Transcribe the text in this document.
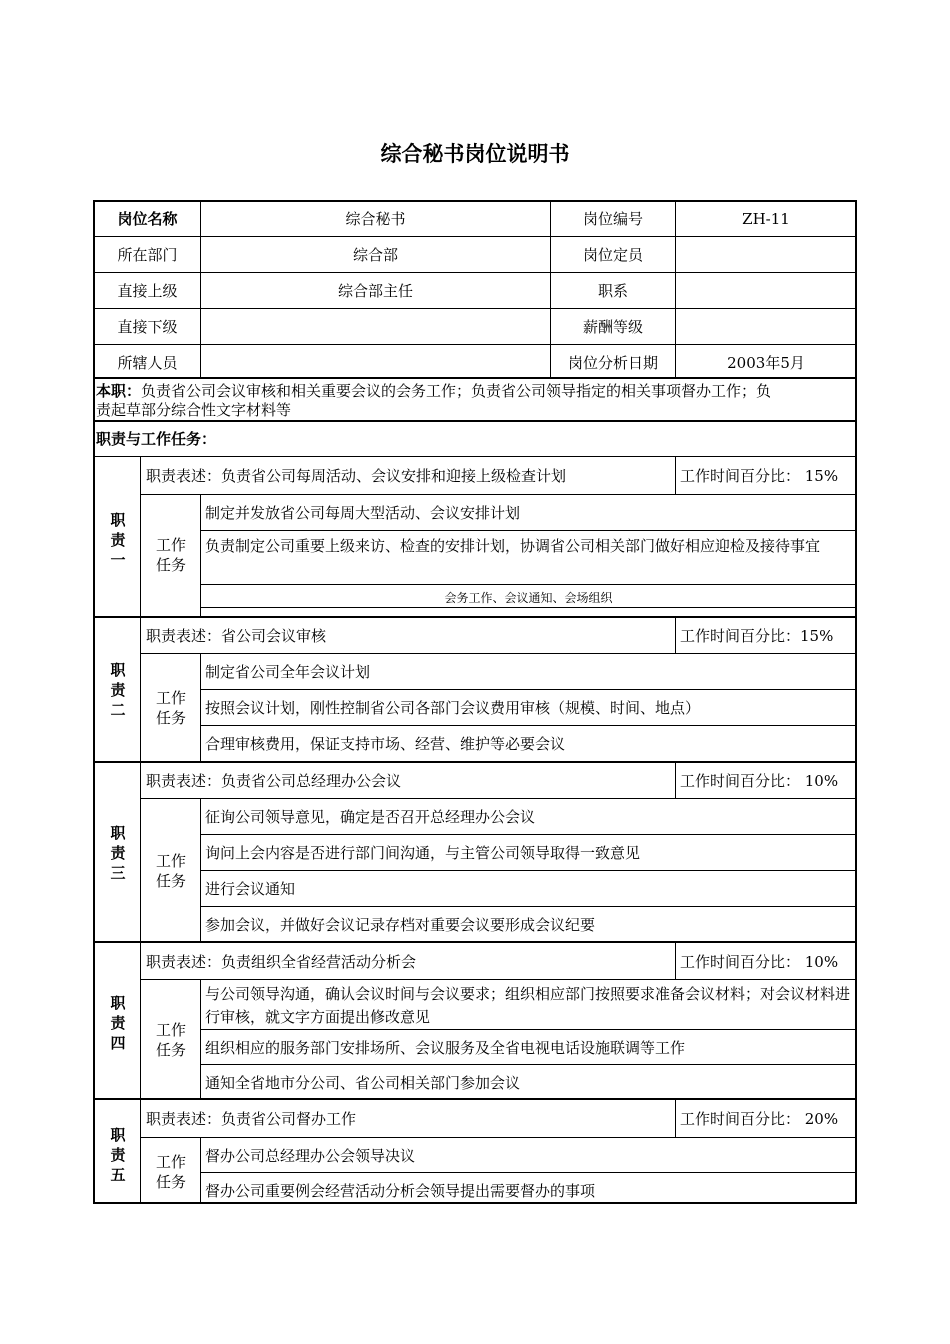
综合秘书岗位说明书
岗位名称	综合秘书	岗位编号	ZH-11
所在部门	综合部	岗位定员
直接上级	综合部主任	职系
直接下级	薪酬等级
所辖人员	岗位分析日期	2003年5月
本职：负责省公司会议审核和相关重要会议的会务工作；负责省公司领导指定的相关事项督办工作；负
责起草部分综合性文字材料等
职责与工作任务：
职
责
一
职责表述：负责省公司每周活动、会议安排和迎接上级检查计划	工作时间百分比： 15%
工作
任务
制定并发放省公司每周大型活动、会议安排计划
负责制定公司重要上级来访、检查的安排计划，协调省公司相关部门做好相应迎检及接待事宜
会务工作、会议通知、会场组织
职
责
二
职责表述：省公司会议审核	工作时间百分比：15%
工作
任务
制定省公司全年会议计划
按照会议计划，刚性控制省公司各部门会议费用审核（规模、时间、地点）
合理审核费用，保证支持市场、经营、维护等必要会议
职
责
三
职责表述：负责省公司总经理办公会议	工作时间百分比： 10%
工作
任务
征询公司领导意见，确定是否召开总经理办公会议
询问上会内容是否进行部门间沟通，与主管公司领导取得一致意见
进行会议通知
参加会议，并做好会议记录存档对重要会议要形成会议纪要
职
责
四
职责表述：负责组织全省经营活动分析会	工作时间百分比： 10%
工作
任务
与公司领导沟通，确认会议时间与会议要求；组织相应部门按照要求准备会议材料；对会议材料进行审核，就文字方面提出修改意见
组织相应的服务部门安排场所、会议服务及全省电视电话设施联调等工作
通知全省地市分公司、省公司相关部门参加会议
职
责
五
职责表述：负责省公司督办工作	工作时间百分比： 20%
工作
任务
督办公司总经理办公会领导决议
督办公司重要例会经营活动分析会领导提出需要督办的事项
